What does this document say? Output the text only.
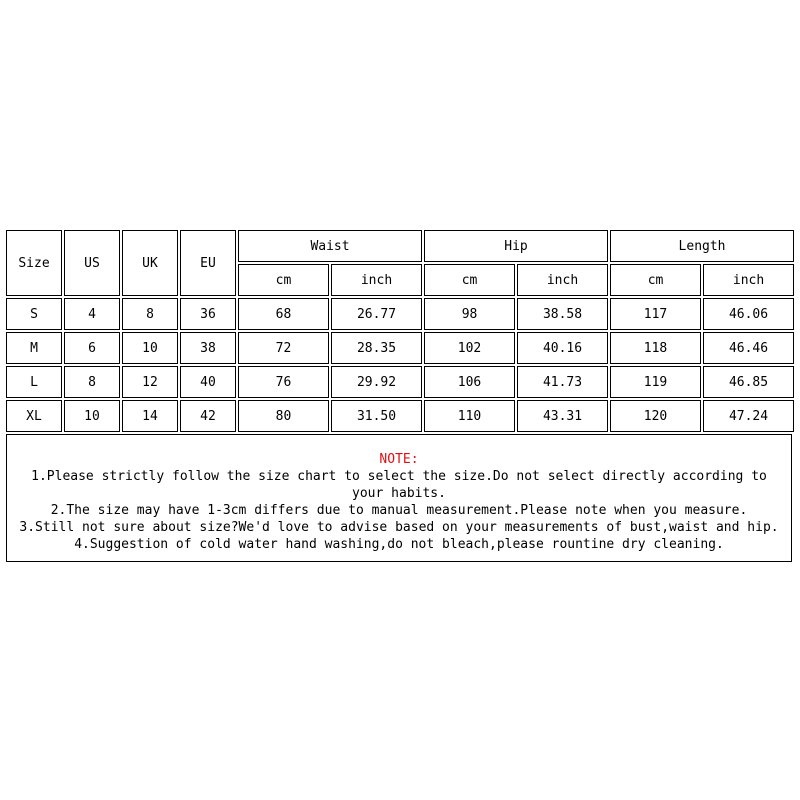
Size	US	UK	EU	Waist		Hip		Length	
				cm	inch	cm	inch	cm	inch
S	4	8	36	68	26.77	98	38.58	117	46.06
M	6	10	38	72	28.35	102	40.16	118	46.46
L	8	12	40	76	29.92	106	41.73	119	46.85
XL	10	14	42	80	31.50	110	43.31	120	47.24
NOTE:
1.Please strictly follow the size chart to select the size.Do not select directly according to your habits.
2.The size may have 1-3cm differs due to manual measurement.Please note when you measure.
3.Still not sure about size?We'd love to advise based on your measurements of bust,waist and hip.
4.Suggestion of cold water hand washing,do not bleach,please rountine dry cleaning.
